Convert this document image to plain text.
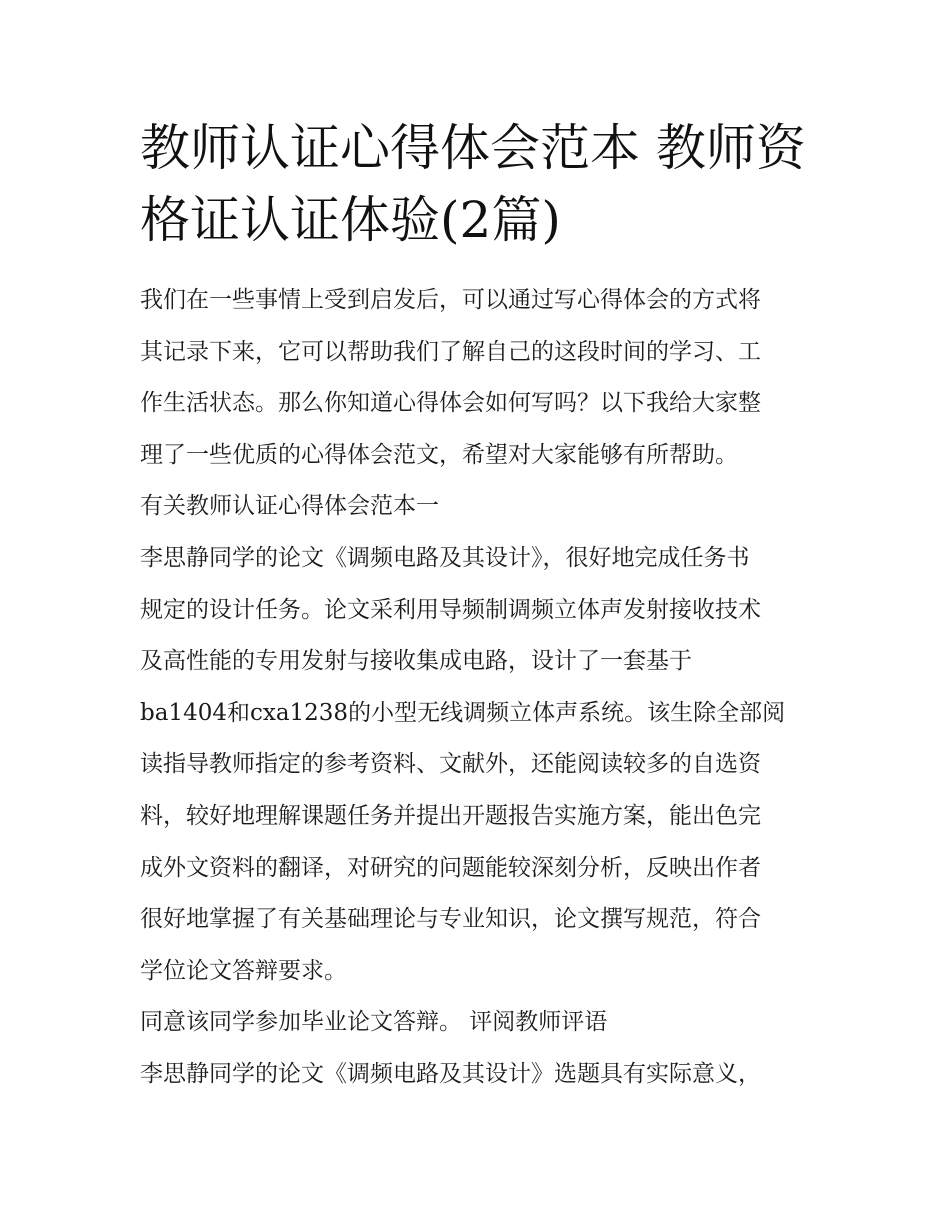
教师认证心得体会范本 教师资格证认证体验(2篇)
我们在一些事情上受到启发后，可以通过写心得体会的方式将
其记录下来，它可以帮助我们了解自己的这段时间的学习、工
作生活状态。那么你知道心得体会如何写吗？以下我给大家整
理了一些优质的心得体会范文，希望对大家能够有所帮助。
有关教师认证心得体会范本一
李思静同学的论文《调频电路及其设计》，很好地完成任务书
规定的设计任务。论文采利用导频制调频立体声发射接收技术
及高性能的专用发射与接收集成电路，设计了一套基于
ba1404和cxa1238的小型无线调频立体声系统。该生除全部阅
读指导教师指定的参考资料、文献外，还能阅读较多的自选资
料，较好地理解课题任务并提出开题报告实施方案，能出色完
成外文资料的翻译，对研究的问题能较深刻分析，反映出作者
很好地掌握了有关基础理论与专业知识，论文撰写规范，符合
学位论文答辩要求。
同意该同学参加毕业论文答辩。 评阅教师评语
李思静同学的论文《调频电路及其设计》选题具有实际意义，
